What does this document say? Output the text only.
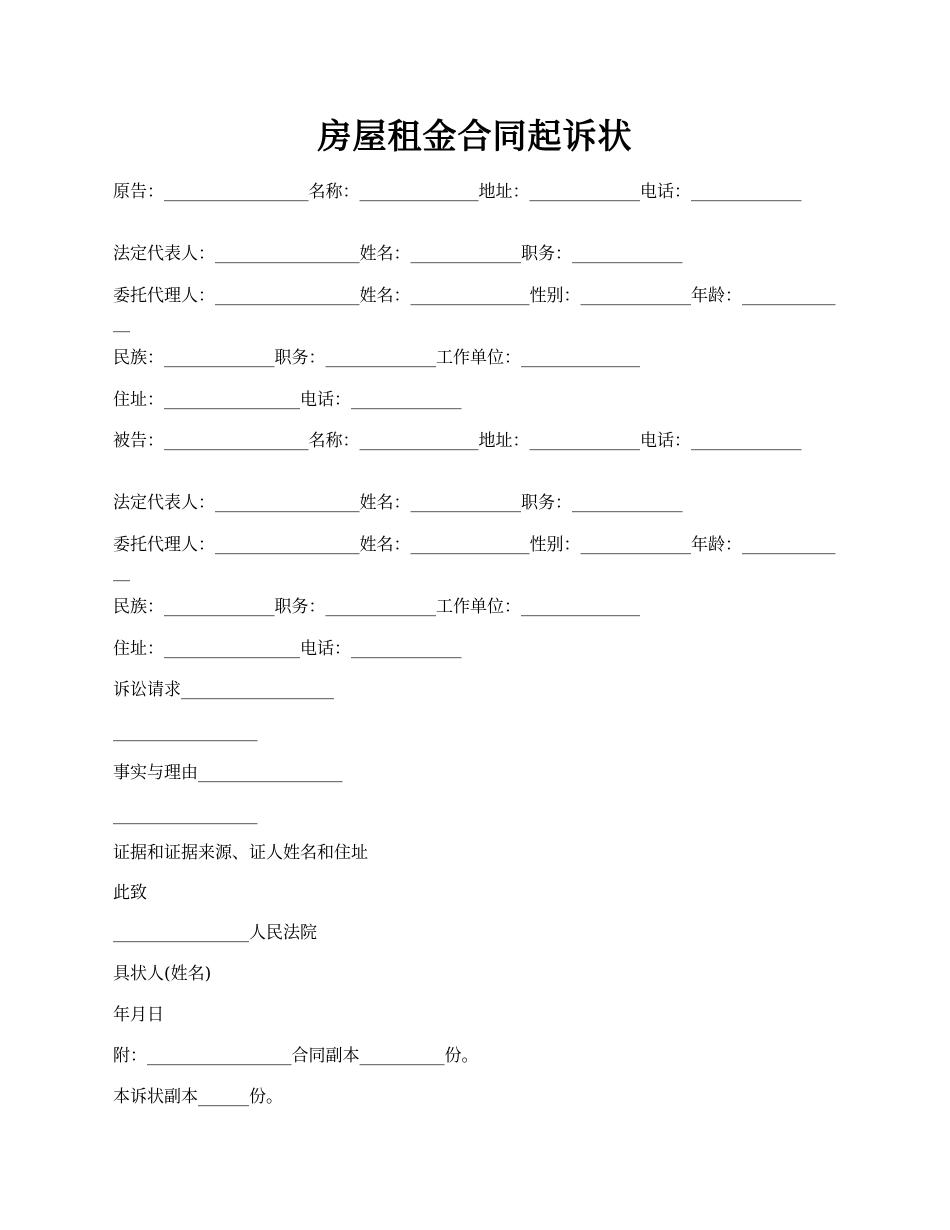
房屋租金合同起诉状
原告：_________________名称：______________地址：_____________电话：_____________
法定代表人：_________________姓名：_____________职务：_____________
委托代理人：_________________姓名：______________性别：_____________年龄：_____________
民族：_____________职务：_____________工作单位：______________
住址：________________电话：_____________
被告：_________________名称：______________地址：_____________电话：_____________
法定代表人：_________________姓名：_____________职务：_____________
委托代理人：_________________姓名：______________性别：_____________年龄：_____________
民族：_____________职务：_____________工作单位：______________
住址：________________电话：_____________
诉讼请求__________________
_________________
事实与理由_________________
_________________
证据和证据来源、证人姓名和住址
此致
________________人民法院
具状人(姓名)
年月日
附：_________________合同副本__________份。
本诉状副本______份。
